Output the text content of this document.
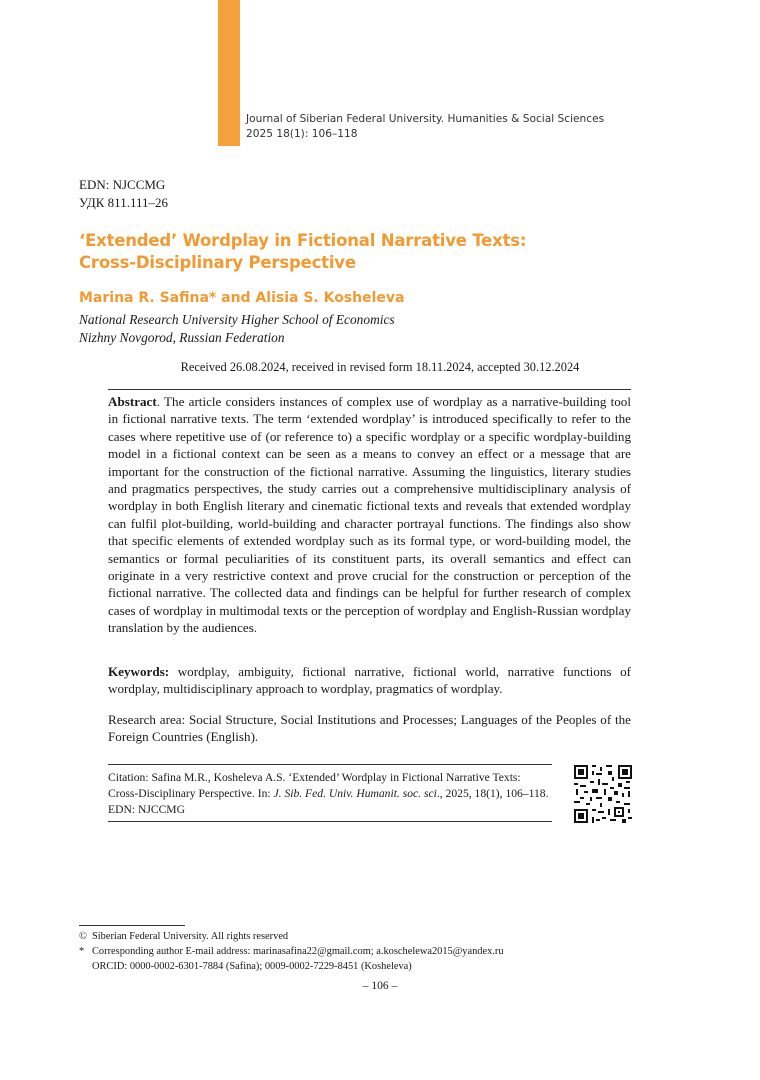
Journal of Siberian Federal University. Humanities & Social Sciences
2025 18(1): 106–118
EDN: NJCCMG
УДК 811.111–26
‘Extended’ Wordplay in Fictional Narrative Texts:
Cross-Disciplinary Perspective
Marina R. Safina* and Alisia S. Kosheleva
National Research University Higher School of Economics
Nizhny Novgorod, Russian Federation
Received 26.08.2024, received in revised form 18.11.2024, accepted 30.12.2024

Abstract. The article considers instances of complex use of wordplay as a narrative-building tool in fictional narrative texts. The term ‘extended wordplay’ is introduced specifically to refer to the cases where repetitive use of (or reference to) a specific wordplay or a specific wordplay-building model in a fictional context can be seen as a means to convey an effect or a message that are important for the construction of the fictional narrative. Assuming the linguistics, literary studies and pragmatics perspectives, the study carries out a comprehensive multidisciplinary analysis of wordplay in both English literary and cinematic fictional texts and reveals that extended wordplay can fulfil plot-building, world-building and character portrayal functions. The findings also show that specific elements of extended wordplay such as its formal type, or word-building model, the semantics or formal peculiarities of its constituent parts, its overall semantics and effect can originate in a very restrictive context and prove crucial for the construction or perception of the fictional narrative. The collected data and findings can be helpful for further research of complex cases of wordplay in multimodal texts or the perception of wordplay and English-Russian wordplay translation by the audiences.

Keywords: wordplay, ambiguity, fictional narrative, fictional world, narrative functions of wordplay, multidisciplinary approach to wordplay, pragmatics of wordplay.

Research area: Social Structure, Social Institutions and Processes; Languages of the Peoples of the Foreign Countries (English).
Citation: Safina M.R., Kosheleva A.S. ‘Extended’ Wordplay in Fictional Narrative Texts: Cross-Disciplinary Perspective. In: J. Sib. Fed. Univ. Humanit. soc. sci., 2025, 18(1), 106–118. EDN: NJCCMG
© Siberian Federal University. All rights reserved
* Corresponding author E-mail address: marinasafina22@gmail.com; a.koschelewa2015@yandex.ru
ORCID: 0000-0002-6301-7884 (Safina); 0009-0002-7229-8451 (Kosheleva)
– 106 –
